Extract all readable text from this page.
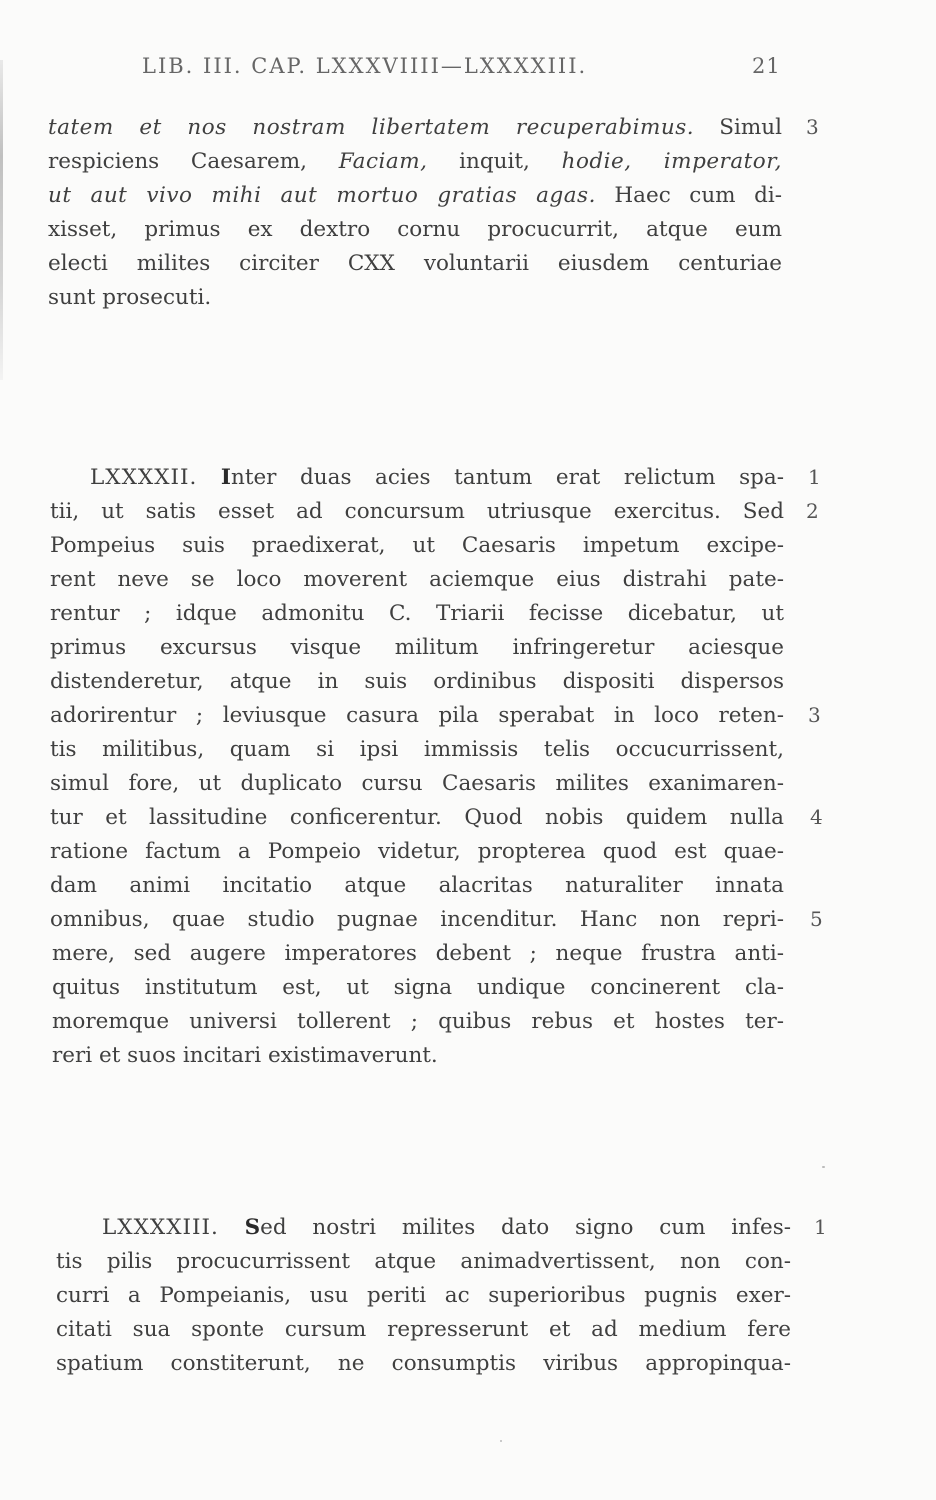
LIB. III. CAP. LXXXVIIII—LXXXXIII.	21
tatem et nos nostram libertatem recuperabimus. Simul
respiciens Caesarem, Faciam, inquit, hodie, imperator,
ut aut vivo mihi aut mortuo gratias agas. Haec cum di-
xisset, primus ex dextro cornu procucurrit, atque eum
electi milites circiter CXX voluntarii eiusdem centuriae
sunt prosecuti.
3
LXXXXII. Inter duas acies tantum erat relictum spa-
tii, ut satis esset ad concursum utriusque exercitus. Sed
Pompeius suis praedixerat, ut Caesaris impetum excipe-
rent neve se loco moverent aciemque eius distrahi pate-
rentur ; idque admonitu C. Triarii fecisse dicebatur, ut
primus excursus visque militum infringeretur aciesque
distenderetur, atque in suis ordinibus dispositi dispersos
adorirentur ; leviusque casura pila sperabat in loco reten-
tis militibus, quam si ipsi immissis telis occucurrissent,
simul fore, ut duplicato cursu Caesaris milites exanimaren-
tur et lassitudine conficerentur. Quod nobis quidem nulla
ratione factum a Pompeio videtur, propterea quod est quae-
dam animi incitatio atque alacritas naturaliter innata
omnibus, quae studio pugnae incenditur. Hanc non repri-
mere, sed augere imperatores debent ; neque frustra anti-
quitus institutum est, ut signa undique concinerent cla-
moremque universi tollerent ; quibus rebus et hostes ter-
reri et suos incitari existimaverunt.
1
2
3
4
5
LXXXXIII. Sed nostri milites dato signo cum infes-
tis pilis procucurrissent atque animadvertissent, non con-
curri a Pompeianis, usu periti ac superioribus pugnis exer-
citati sua sponte cursum represserunt et ad medium fere
spatium constiterunt, ne consumptis viribus appropinqua-
1
